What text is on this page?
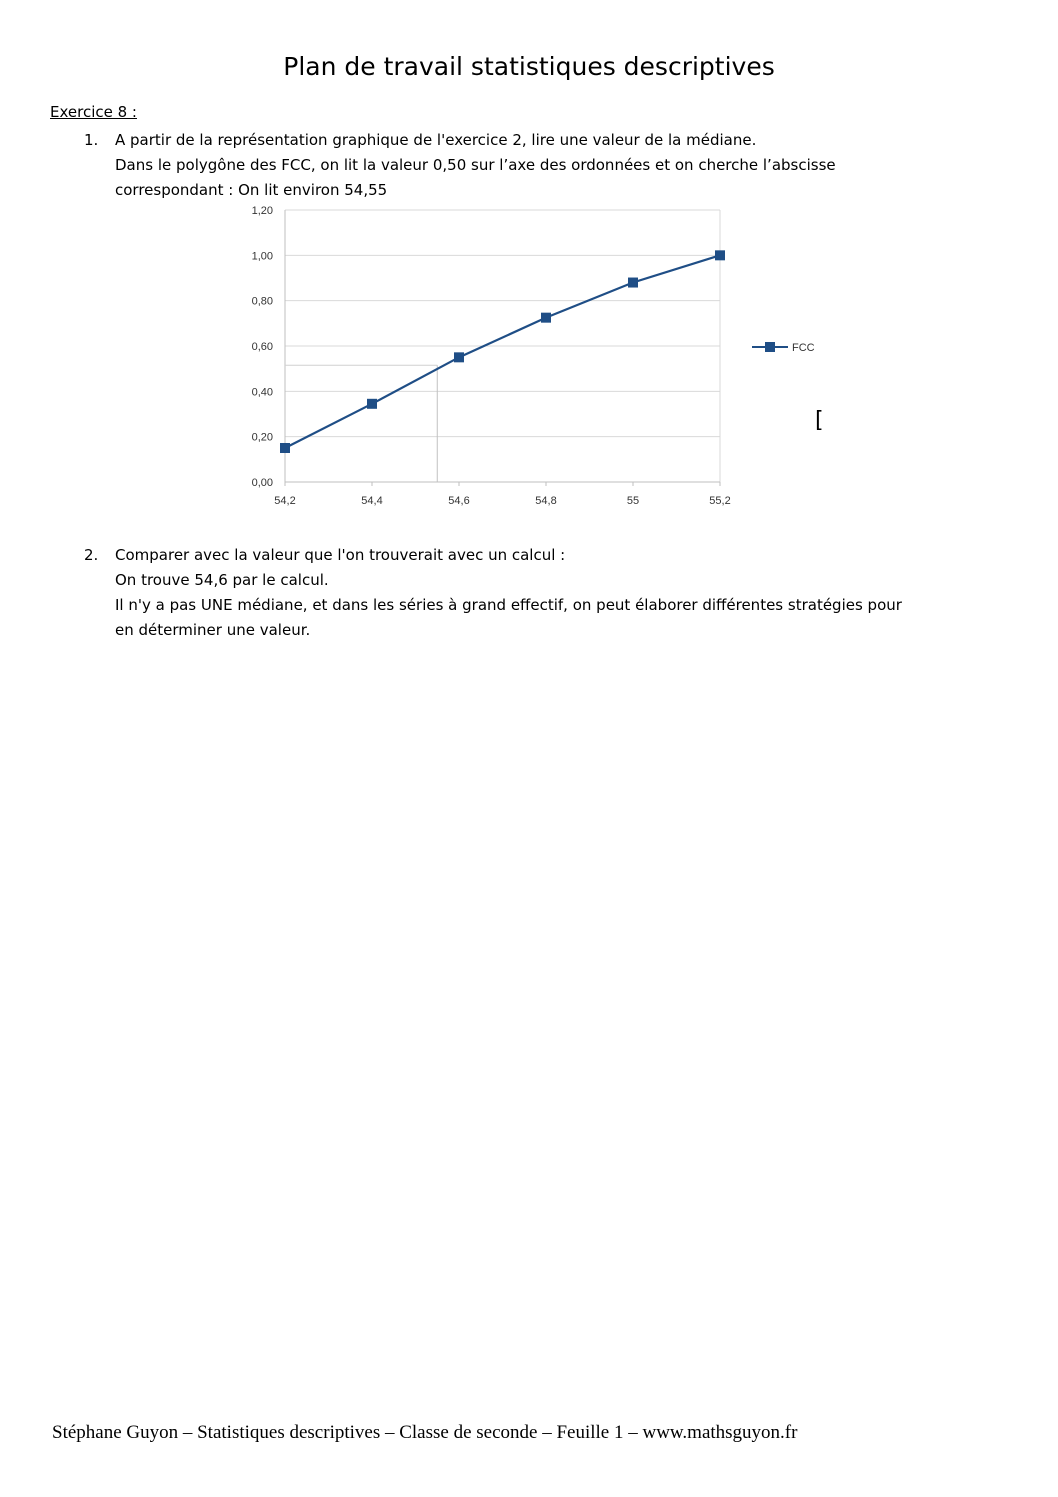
Plan de travail statistiques descriptives
Exercice 8 :
1. A partir de la représentation graphique de l'exercice 2, lire une valeur de la médiane.
Dans le polygône des FCC, on lit la valeur 0,50 sur l’axe des ordonnées et on cherche l’abscisse
correspondant : On lit environ 54,55
0,00
0,20
0,40
0,60
0,80
1,00
1,20
54,2	54,4	54,6	54,8	55	55,2
FCC
[
2. Comparer avec la valeur que l'on trouverait avec un calcul :
On trouve 54,6 par le calcul.
Il n'y a pas UNE médiane, et dans les séries à grand effectif, on peut élaborer différentes stratégies pour
en déterminer une valeur.
Stéphane Guyon – Statistiques descriptives – Classe de seconde – Feuille 1 – www.mathsguyon.fr
